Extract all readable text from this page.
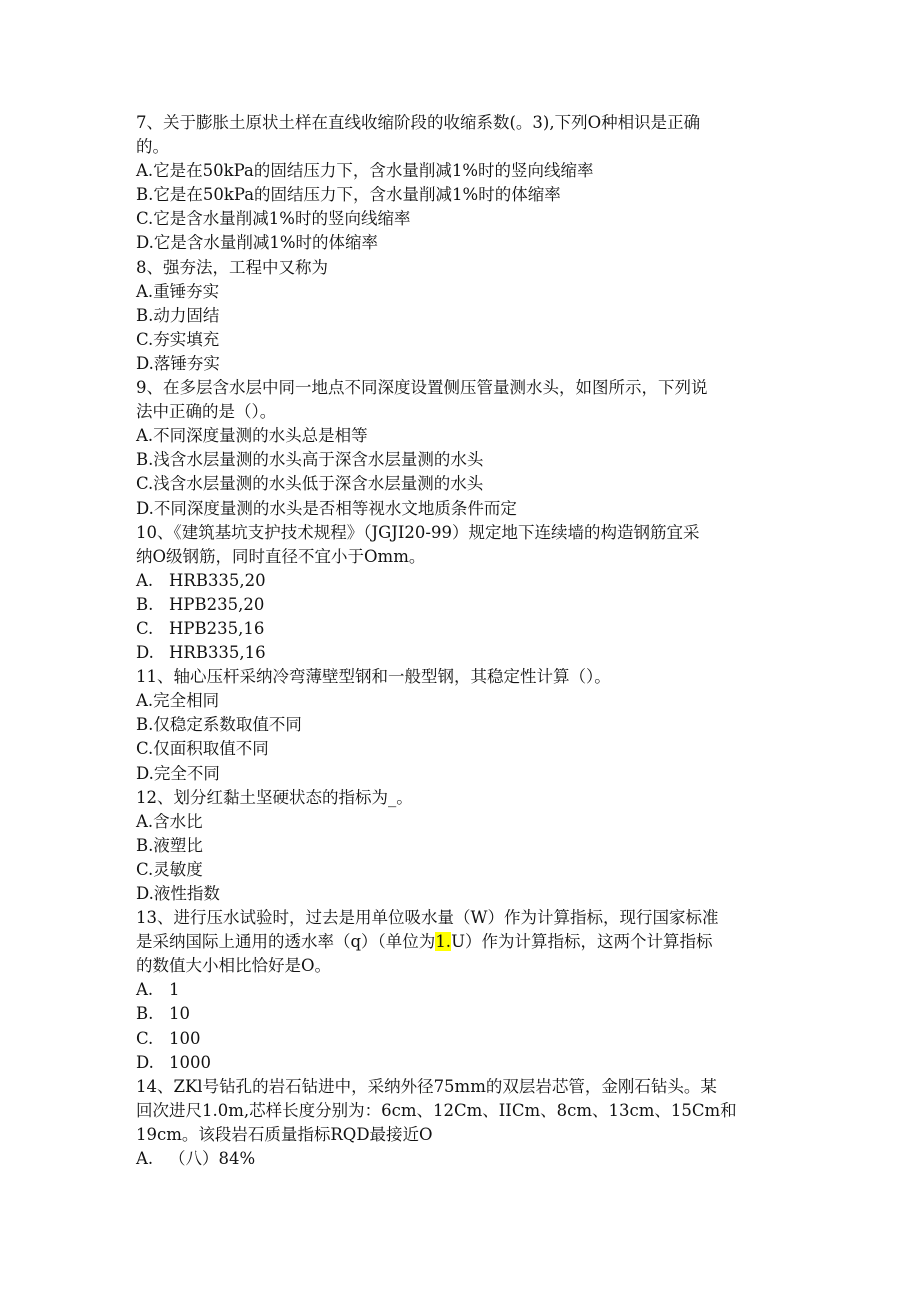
7、关于膨胀土原状土样在直线收缩阶段的收缩系数(。3),下列O种相识是正确
的。
A.它是在50kPa的固结压力下，含水量削减1%时的竖向线缩率
B.它是在50kPa的固结压力下，含水量削减1%时的体缩率
C.它是含水量削减1%时的竖向线缩率
D.它是含水量削减1%时的体缩率
8、强夯法，工程中又称为
A.重锤夯实
B.动力固结
C.夯实填充
D.落锤夯实
9、在多层含水层中同一地点不同深度设置侧压管量测水头，如图所示，下列说
法中正确的是（）。
A.不同深度量测的水头总是相等
B.浅含水层量测的水头高于深含水层量测的水头
C.浅含水层量测的水头低于深含水层量测的水头
D.不同深度量测的水头是否相等视水文地质条件而定
10、《建筑基坑支护技术规程》（JGJI20-99）规定地下连续墙的构造钢筋宜采
纳O级钢筋，同时直径不宜小于Omm。
A. HRB335,20
B. HPB235,20
C. HPB235,16
D. HRB335,16
11、轴心压杆采纳冷弯薄壁型钢和一般型钢，其稳定性计算（）。
A.完全相同
B.仅稳定系数取值不同
C.仅面积取值不同
D.完全不同
12、划分红黏土坚硬状态的指标为_。
A.含水比
B.液塑比
C.灵敏度
D.液性指数
13、进行压水试验时，过去是用单位吸水量（W）作为计算指标，现行国家标准
是采纳国际上通用的透水率（q）（单位为1.U）作为计算指标，这两个计算指标
的数值大小相比恰好是O。
A. 1
B. 10
C. 100
D. 1000
14、ZKl号钻孔的岩石钻进中，采纳外径75mm的双层岩芯管，金刚石钻头。某
回次进尺1.0m,芯样长度分别为：6cm、12Cm、IICm、8cm、13cm、15Cm和
19cm。该段岩石质量指标RQD最接近O
A. （八）84%
